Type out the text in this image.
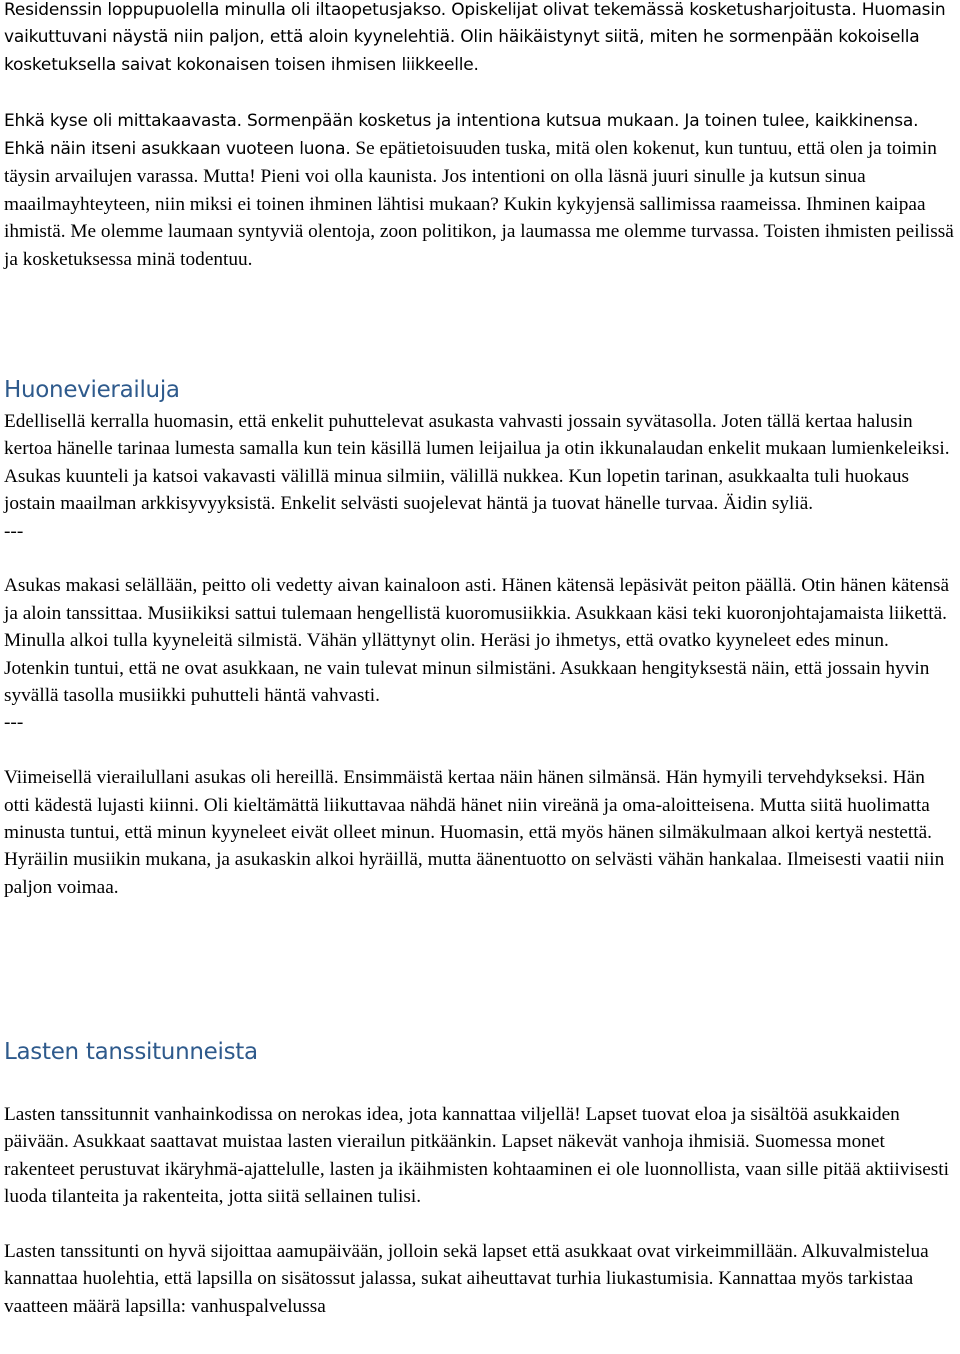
Residenssin loppupuolella minulla oli iltaopetusjakso. Opiskelijat olivat tekemässä kosketusharjoitusta. Huomasin vaikuttuvani näystä niin paljon, että aloin kyynelehtiä. Olin häikäistynyt siitä, miten he sormenpään kokoisella kosketuksella saivat kokonaisen toisen ihmisen liikkeelle.

Ehkä kyse oli mittakaavasta. Sormenpään kosketus ja intentiona kutsua mukaan. Ja toinen tulee, kaikkinensa. Ehkä näin itseni asukkaan vuoteen luona. Se epätietoisuuden tuska, mitä olen kokenut, kun tuntuu, että olen ja toimin täysin arvailujen varassa. Mutta! Pieni voi olla kaunista. Jos intentioni on olla läsnä juuri sinulle ja kutsun sinua maailmayhteyteen, niin miksi ei toinen ihminen lähtisi mukaan? Kukin kykyjensä sallimissa raameissa. Ihminen kaipaa ihmistä. Me olemme laumaan syntyviä olentoja, zoon politikon, ja laumassa me olemme turvassa. Toisten ihmisten peilissä ja kosketuksessa minä todentuu.

Huonevierailuja

Edellisellä kerralla huomasin, että enkelit puhuttelevat asukasta vahvasti jossain syvätasolla. Joten tällä kertaa halusin kertoa hänelle tarinaa lumesta samalla kun tein käsillä lumen leijailua ja otin ikkunalaudan enkelit mukaan lumienkeleiksi. Asukas kuunteli ja katsoi vakavasti välillä minua silmiin, välillä nukkea. Kun lopetin tarinan, asukkaalta tuli huokaus jostain maailman arkkisyvyyksistä. Enkelit selvästi suojelevat häntä ja tuovat hänelle turvaa. Äidin syliä.

---

Asukas makasi selällään, peitto oli vedetty aivan kainaloon asti. Hänen kätensä lepäsivät peiton päällä. Otin hänen kätensä ja aloin tanssittaa. Musiikiksi sattui tulemaan hengellistä kuoromusiikkia. Asukkaan käsi teki kuoronjohtajamaista liikettä. Minulla alkoi tulla kyyneleitä silmistä. Vähän yllättynyt olin. Heräsi jo ihmetys, että ovatko kyyneleet edes minun. Jotenkin tuntui, että ne ovat asukkaan, ne vain tulevat minun silmistäni. Asukkaan hengityksestä näin, että jossain hyvin syvällä tasolla musiikki puhutteli häntä vahvasti.

---

Viimeisellä vierailullani asukas oli hereillä. Ensimmäistä kertaa näin hänen silmänsä. Hän hymyili tervehdykseksi. Hän otti kädestä lujasti kiinni. Oli kieltämättä liikuttavaa nähdä hänet niin vireänä ja oma-aloitteisena. Mutta siitä huolimatta minusta tuntui, että minun kyyneleet eivät olleet minun. Huomasin, että myös hänen silmäkulmaan alkoi kertyä nestettä. Hyräilin musiikin mukana, ja asukaskin alkoi hyräillä, mutta äänentuotto on selvästi vähän hankalaa. Ilmeisesti vaatii niin paljon voimaa.

Lasten tanssitunneista

Lasten tanssitunnit vanhainkodissa on nerokas idea, jota kannattaa viljellä! Lapset tuovat eloa ja sisältöä asukkaiden päivään. Asukkaat saattavat muistaa lasten vierailun pitkäänkin. Lapset näkevät vanhoja ihmisiä. Suomessa monet rakenteet perustuvat ikäryhmä-ajattelulle, lasten ja ikäihmisten kohtaaminen ei ole luonnollista, vaan sille pitää aktiivisesti luoda tilanteita ja rakenteita, jotta siitä sellainen tulisi.

Lasten tanssitunti on hyvä sijoittaa aamupäivään, jolloin sekä lapset että asukkaat ovat virkeimmillään. Alkuvalmistelua kannattaa huolehtia, että lapsilla on sisätossut jalassa, sukat aiheuttavat turhia liukastumisia. Kannattaa myös tarkistaa vaatteen määrä lapsilla: vanhuspalvelussa
